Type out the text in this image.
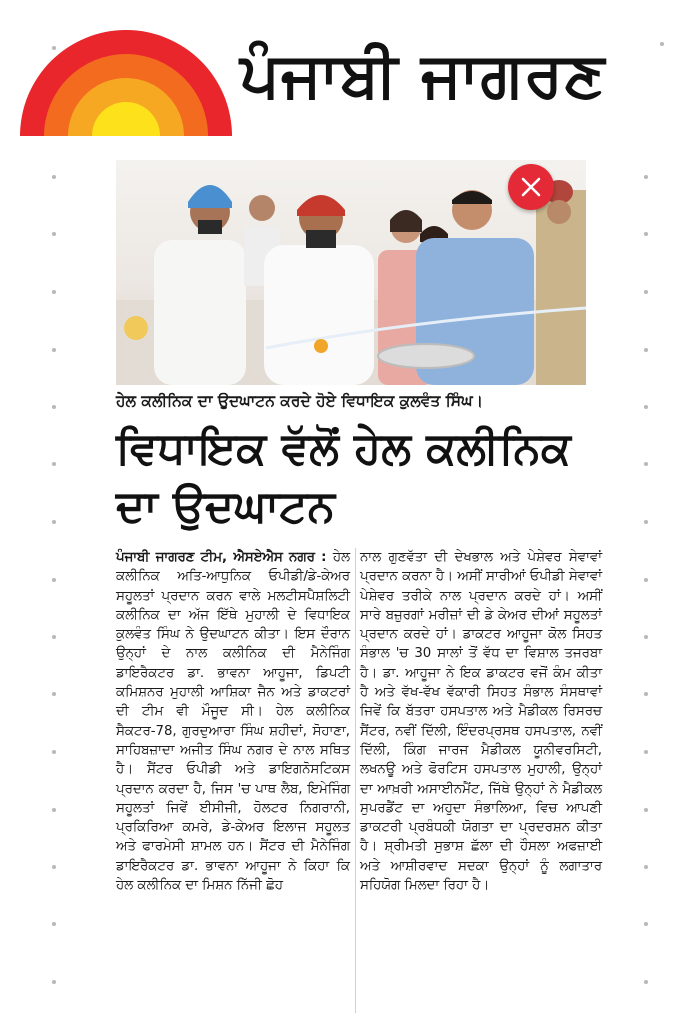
ਪੰਜਾਬੀ ਜਾਗਰਣ
ਹੇਲ ਕਲੀਨਿਕ ਦਾ ਉਦਘਾਟਨ ਕਰਦੇ ਹੋਏ ਵਿਧਾਇਕ ਕੁਲਵੰਤ ਸਿੰਘ।
ਵਿਧਾਇਕ ਵੱਲੋਂ ਹੇਲ ਕਲੀਨਿਕ ਦਾ ਉਦਘਾਟਨ
ਪੰਜਾਬੀ ਜਾਗਰਣ ਟੀਮ, ਐਸਏਐਸ ਨਗਰ : ਹੇਲ ਕਲੀਨਿਕ ਅਤਿ-ਆਧੁਨਿਕ ਓਪੀਡੀ/ਡੇ-ਕੇਅਰ ਸਹੂਲਤਾਂ ਪ੍ਰਦਾਨ ਕਰਨ ਵਾਲੇ ਮਲਟੀਸਪੈਸ਼ਲਿਟੀ ਕਲੀਨਿਕ ਦਾ ਅੱਜ ਇੱਥੇ ਮੁਹਾਲੀ ਦੇ ਵਿਧਾਇਕ ਕੁਲਵੰਤ ਸਿੰਘ ਨੇ ਉਦਘਾਟਨ ਕੀਤਾ। ਇਸ ਦੌਰਾਨ ਉਨ੍ਹਾਂ ਦੇ ਨਾਲ ਕਲੀਨਿਕ ਦੀ ਮੈਨੇਜਿੰਗ ਡਾਇਰੈਕਟਰ ਡਾ. ਭਾਵਨਾ ਆਹੂਜਾ, ਡਿਪਟੀ ਕਮਿਸ਼ਨਰ ਮੁਹਾਲੀ ਆਸ਼ਿਕਾ ਜੈਨ ਅਤੇ ਡਾਕਟਰਾਂ ਦੀ ਟੀਮ ਵੀ ਮੌਜੂਦ ਸੀ। ਹੇਲ ਕਲੀਨਿਕ ਸੈਕਟਰ-78, ਗੁਰਦੁਆਰਾ ਸਿੰਘ ਸ਼ਹੀਦਾਂ, ਸੋਹਾਣਾ, ਸਾਹਿਬਜ਼ਾਦਾ ਅਜੀਤ ਸਿੰਘ ਨਗਰ ਦੇ ਨਾਲ ਸਥਿਤ ਹੈ। ਸੈਂਟਰ ਓਪੀਡੀ ਅਤੇ ਡਾਇਗਨੋਸਟਿਕਸ ਪ੍ਰਦਾਨ ਕਰਦਾ ਹੈ, ਜਿਸ 'ਚ ਪਾਥ ਲੈਬ, ਇਮੇਜਿੰਗ ਸਹੂਲਤਾਂ ਜਿਵੇਂ ਈਸੀਜੀ, ਹੋਲਟਰ ਨਿਗਰਾਨੀ, ਪ੍ਰਕਿਰਿਆ ਕਮਰੇ, ਡੇ-ਕੇਅਰ ਇਲਾਜ ਸਹੂਲਤ ਅਤੇ ਫਾਰਮੇਸੀ ਸ਼ਾਮਲ ਹਨ। ਸੈਂਟਰ ਦੀ ਮੈਨੇਜਿੰਗ ਡਾਇਰੈਕਟਰ ਡਾ. ਭਾਵਨਾ ਆਹੂਜਾ ਨੇ ਕਿਹਾ ਕਿ ਹੇਲ ਕਲੀਨਿਕ ਦਾ ਮਿਸ਼ਨ ਨਿੱਜੀ ਛੋਹ
ਨਾਲ ਗੁਣਵੱਤਾ ਦੀ ਦੇਖਭਾਲ ਅਤੇ ਪੇਸ਼ੇਵਰ ਸੇਵਾਵਾਂ ਪ੍ਰਦਾਨ ਕਰਨਾ ਹੈ। ਅਸੀਂ ਸਾਰੀਆਂ ਓਪੀਡੀ ਸੇਵਾਵਾਂ ਪੇਸ਼ੇਵਰ ਤਰੀਕੇ ਨਾਲ ਪ੍ਰਦਾਨ ਕਰਦੇ ਹਾਂ। ਅਸੀਂ ਸਾਰੇ ਬਜ਼ੁਰਗਾਂ ਮਰੀਜ਼ਾਂ ਦੀ ਡੇ ਕੇਅਰ ਦੀਆਂ ਸਹੂਲਤਾਂ ਪ੍ਰਦਾਨ ਕਰਦੇ ਹਾਂ। ਡਾਕਟਰ ਆਹੂਜਾ ਕੋਲ ਸਿਹਤ ਸੰਭਾਲ 'ਚ 30 ਸਾਲਾਂ ਤੋਂ ਵੱਧ ਦਾ ਵਿਸ਼ਾਲ ਤਜਰਬਾ ਹੈ। ਡਾ. ਆਹੂਜਾ ਨੇ ਇਕ ਡਾਕਟਰ ਵਜੋਂ ਕੰਮ ਕੀਤਾ ਹੈ ਅਤੇ ਵੱਖ-ਵੱਖ ਵੱਕਾਰੀ ਸਿਹਤ ਸੰਭਾਲ ਸੰਸਥਾਵਾਂ ਜਿਵੇਂ ਕਿ ਬੱਤਰਾ ਹਸਪਤਾਲ ਅਤੇ ਮੈਡੀਕਲ ਰਿਸਰਚ ਸੈਂਟਰ, ਨਵੀਂ ਦਿੱਲੀ, ਇੰਦਰਪ੍ਰਸਥ ਹਸਪਤਾਲ, ਨਵੀਂ ਦਿੱਲੀ, ਕਿੰਗ ਜਾਰਜ ਮੈਡੀਕਲ ਯੂਨੀਵਰਸਿਟੀ, ਲਖਨਊ ਅਤੇ ਫੋਰਟਿਸ ਹਸਪਤਾਲ ਮੁਹਾਲੀ, ਉਨ੍ਹਾਂ ਦਾ ਆਖ਼ਰੀ ਅਸਾਈਨਮੈਂਟ, ਜਿੱਥੇ ਉਨ੍ਹਾਂ ਨੇ ਮੈਡੀਕਲ ਸੁਪਰਡੈਂਟ ਦਾ ਅਹੁਦਾ ਸੰਭਾਲਿਆ, ਵਿਚ ਆਪਣੀ ਡਾਕਟਰੀ ਪ੍ਰਬੰਧਕੀ ਯੋਗਤਾ ਦਾ ਪ੍ਰਦਰਸ਼ਨ ਕੀਤਾ ਹੈ। ਸ਼੍ਰੀਮਤੀ ਸੁਭਾਸ਼ ਛੱਲਾ ਦੀ ਹੌਸਲਾ ਅਫਜ਼ਾਈ ਅਤੇ ਆਸ਼ੀਰਵਾਦ ਸਦਕਾ ਉਨ੍ਹਾਂ ਨੂੰ ਲਗਾਤਾਰ ਸਹਿਯੋਗ ਮਿਲਦਾ ਰਿਹਾ ਹੈ।
